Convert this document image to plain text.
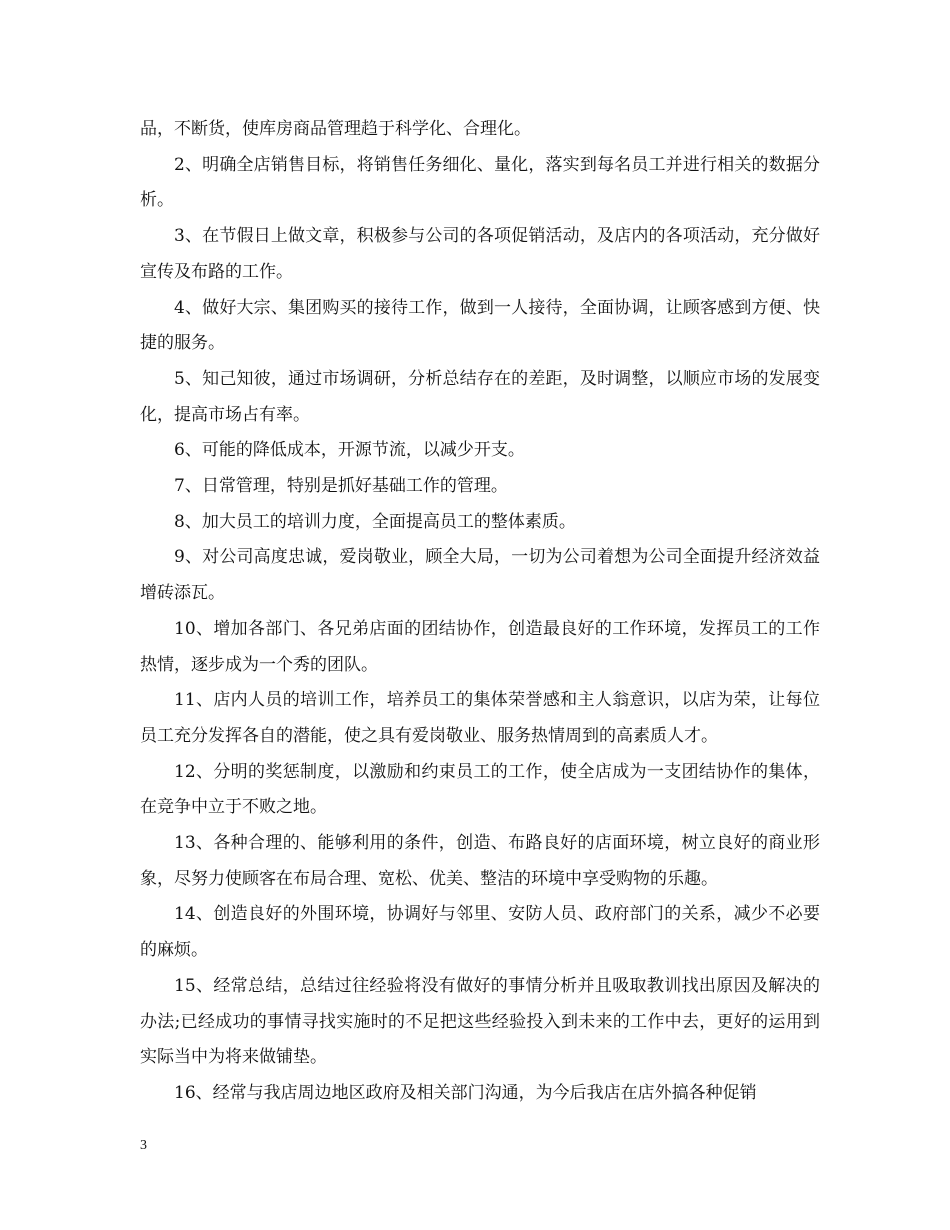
品，不断货，使库房商品管理趋于科学化、合理化。

2、明确全店销售目标，将销售任务细化、量化，落实到每名员工并进行相关的数据分析。

3、在节假日上做文章，积极参与公司的各项促销活动，及店内的各项活动，充分做好宣传及布路的工作。

4、做好大宗、集团购买的接待工作，做到一人接待，全面协调，让顾客感到方便、快捷的服务。

5、知己知彼，通过市场调研，分析总结存在的差距，及时调整，以顺应市场的发展变化，提高市场占有率。

6、可能的降低成本，开源节流，以减少开支。

7、日常管理，特别是抓好基础工作的管理。

8、加大员工的培训力度，全面提高员工的整体素质。

9、对公司高度忠诚，爱岗敬业，顾全大局，一切为公司着想为公司全面提升经济效益增砖添瓦。

10、增加各部门、各兄弟店面的团结协作，创造最良好的工作环境，发挥员工的工作热情，逐步成为一个秀的团队。

11、店内人员的培训工作，培养员工的集体荣誉感和主人翁意识，以店为荣，让每位员工充分发挥各自的潜能，使之具有爱岗敬业、服务热情周到的高素质人才。

12、分明的奖惩制度，以激励和约束员工的工作，使全店成为一支团结协作的集体，在竞争中立于不败之地。

13、各种合理的、能够利用的条件，创造、布路良好的店面环境，树立良好的商业形象，尽努力使顾客在布局合理、宽松、优美、整洁的环境中享受购物的乐趣。

14、创造良好的外围环境，协调好与邻里、安防人员、政府部门的关系，减少不必要的麻烦。

15、经常总结，总结过往经验将没有做好的事情分析并且吸取教训找出原因及解决的办法;已经成功的事情寻找实施时的不足把这些经验投入到未来的工作中去，更好的运用到实际当中为将来做铺垫。

16、经常与我店周边地区政府及相关部门沟通，为今后我店在店外搞各种促销

3
